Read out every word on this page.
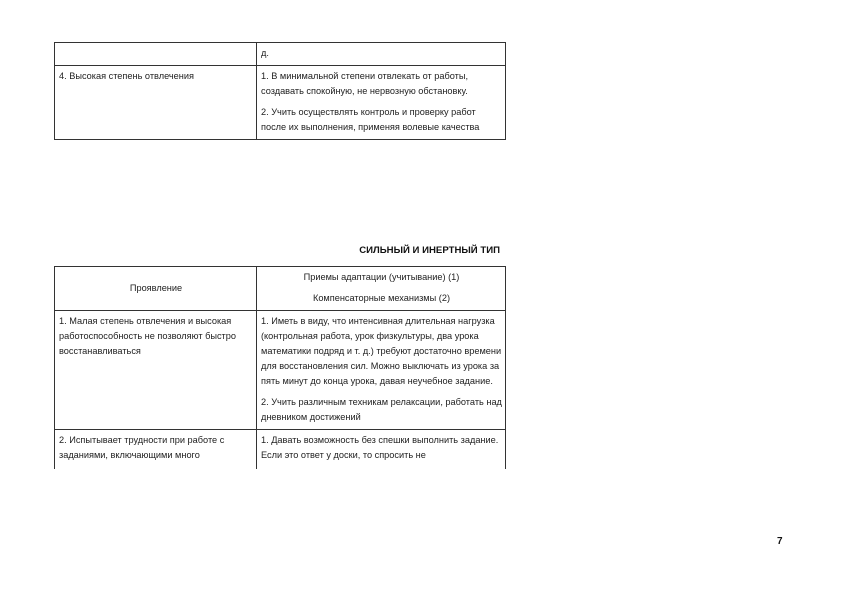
	д.

4. Высокая степень отвлечения	1. В минимальной степени отвлекать от работы, создавать спокойную, не нервозную обстановку.

2. Учить осуществлять контроль и проверку работ после их выполнения, применяя волевые качества

СИЛЬНЫЙ И ИНЕРТНЫЙ ТИП
Проявление	Приемы адаптации (учитывание) (1)

Компенсаторные механизмы (2)

1. Малая степень отвлечения и высокая работоспособность не позволяют быстро восстанавливаться	1. Иметь в виду, что интенсивная длительная нагрузка (контрольная работа, урок физкультуры, два урока математики подряд и т. д.) требуют достаточно времени для восстановления сил. Можно выключать из урока за пять минут до конца урока, давая неучебное задание.

2. Учить различным техникам релаксации, работать над дневником достижений

2. Испытывает трудности при работе с заданиями, включающими много	1. Давать возможность без спешки выполнить задание. Если это ответ у доски, то спросить не
7
